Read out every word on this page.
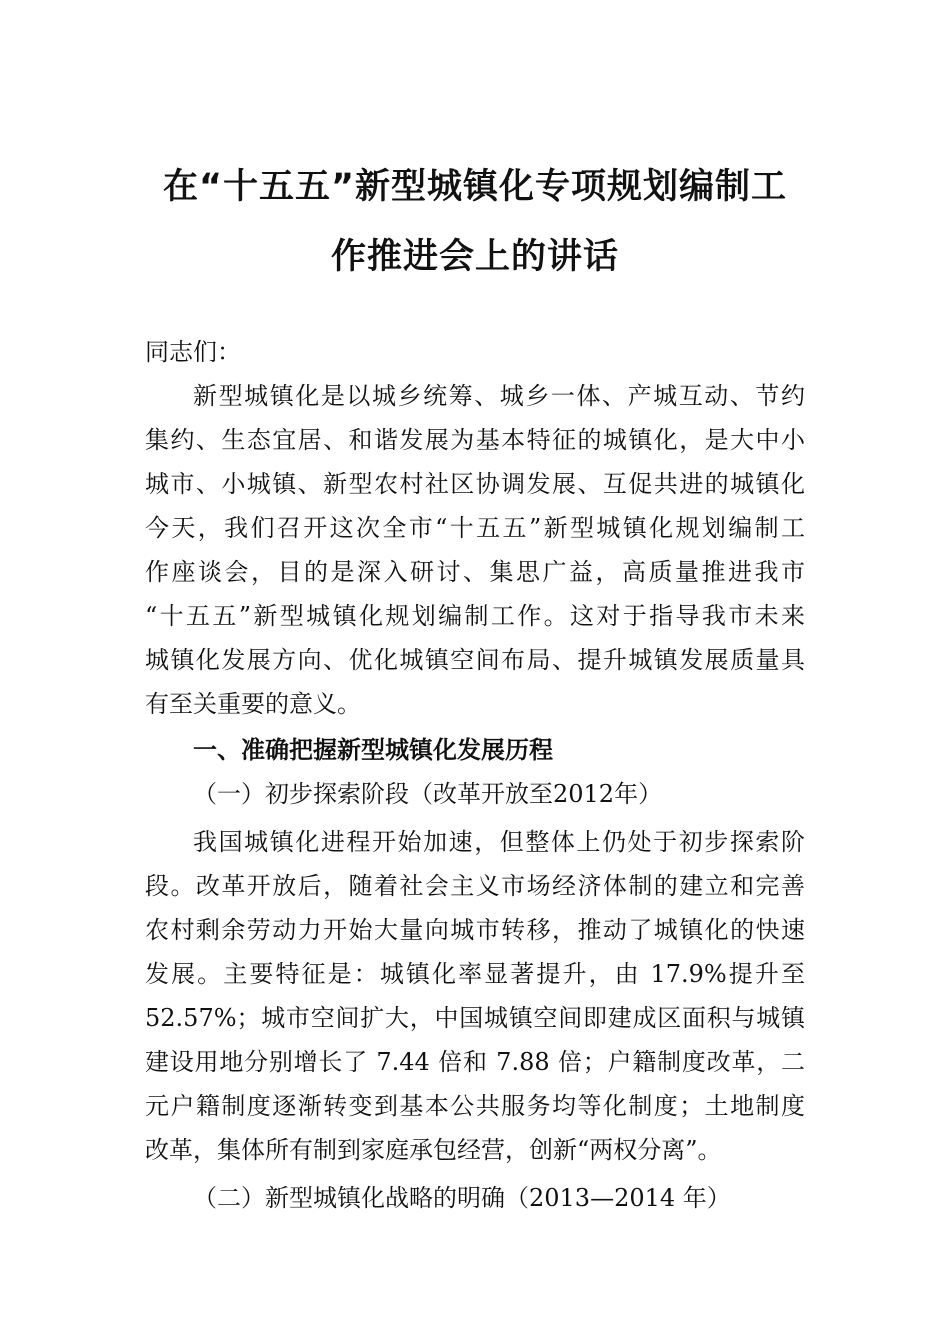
在“十五五”新型城镇化专项规划编制工
作推进会上的讲话
同志们：
新型城镇化是以城乡统筹、城乡一体、产城互动、节约
集约、生态宜居、和谐发展为基本特征的城镇化，是大中小
城市、小城镇、新型农村社区协调发展、互促共进的城镇化
今天，我们召开这次全市“十五五”新型城镇化规划编制工
作座谈会，目的是深入研讨、集思广益，高质量推进我市
“十五五”新型城镇化规划编制工作。这对于指导我市未来
城镇化发展方向、优化城镇空间布局、提升城镇发展质量具
有至关重要的意义。
一、准确把握新型城镇化发展历程
（一）初步探索阶段（改革开放至2012年）
我国城镇化进程开始加速，但整体上仍处于初步探索阶
段。改革开放后，随着社会主义市场经济体制的建立和完善
农村剩余劳动力开始大量向城市转移，推动了城镇化的快速
发展。主要特征是：城镇化率显著提升，由 17.9%提升至
52.57%；城市空间扩大，中国城镇空间即建成区面积与城镇
建设用地分别增长了 7.44 倍和 7.88 倍；户籍制度改革，二
元户籍制度逐渐转变到基本公共服务均等化制度；土地制度
改革，集体所有制到家庭承包经营，创新“两权分离”。
（二）新型城镇化战略的明确（2013—2014 年）
